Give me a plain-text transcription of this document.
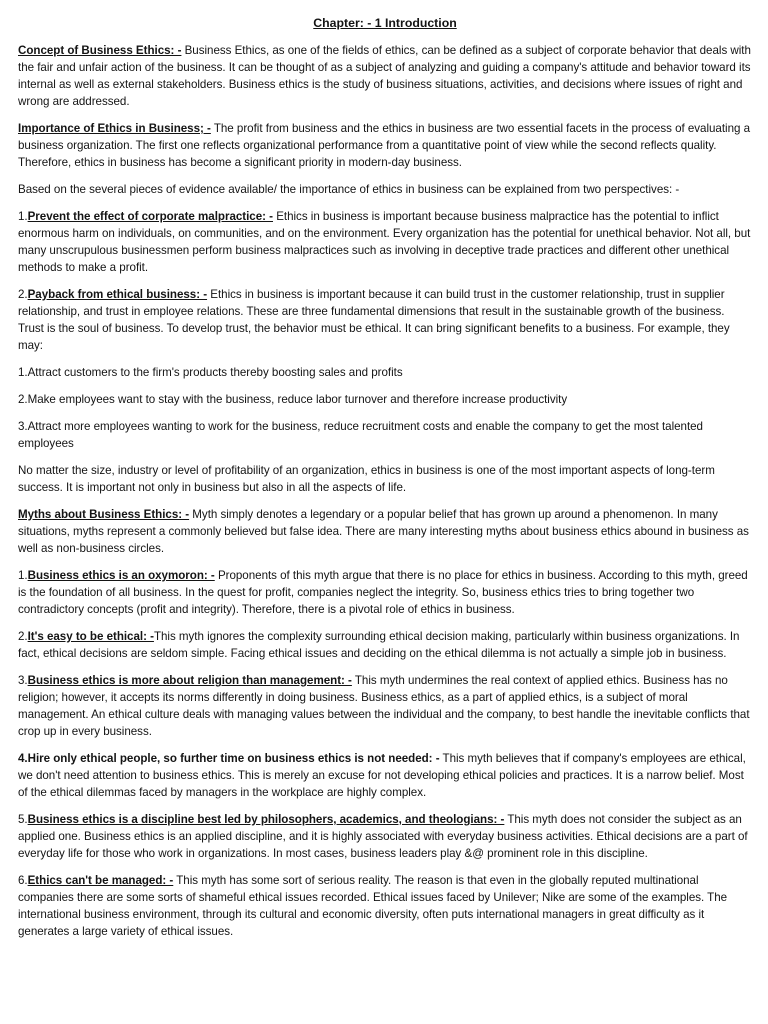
Chapter: - 1 Introduction

Concept of Business Ethics: - Business Ethics, as one of the fields of ethics, can be defined as a subject of corporate behavior that deals with the fair and unfair action of the business. It can be thought of as a subject of analyzing and guiding a company's attitude and behavior toward its internal as well as external stakeholders. Business ethics is the study of business situations, activities, and decisions where issues of right and wrong are addressed.

Importance of Ethics in Business; - The profit from business and the ethics in business are two essential facets in the process of evaluating a business organization. The first one reflects organizational performance from a quantitative point of view while the second reflects quality. Therefore, ethics in business has become a significant priority in modern-day business.

Based on the several pieces of evidence available/ the importance of ethics in business can be explained from two perspectives: -

1.Prevent the effect of corporate malpractice: - Ethics in business is important because business malpractice has the potential to inflict enormous harm on individuals, on communities, and on the environment. Every organization has the potential for unethical behavior. Not all, but many unscrupulous businessmen perform business malpractices such as involving in deceptive trade practices and different other unethical methods to make a profit.

2.Payback from ethical business: - Ethics in business is important because it can build trust in the customer relationship, trust in supplier relationship, and trust in employee relations. These are three fundamental dimensions that result in the sustainable growth of the business. Trust is the soul of business. To develop trust, the behavior must be ethical. It can bring significant benefits to a business. For example, they may:

1.Attract customers to the firm's products thereby boosting sales and profits

2.Make employees want to stay with the business, reduce labor turnover and therefore increase productivity

3.Attract more employees wanting to work for the business, reduce recruitment costs and enable the company to get the most talented employees

No matter the size, industry or level of profitability of an organization, ethics in business is one of the most important aspects of long-term success. It is important not only in business but also in all the aspects of life.

Myths about Business Ethics: - Myth simply denotes a legendary or a popular belief that has grown up around a phenomenon. In many situations, myths represent a commonly believed but false idea. There are many interesting myths about business ethics abound in business as well as non-business circles.

1.Business ethics is an oxymoron: - Proponents of this myth argue that there is no place for ethics in business. According to this myth, greed is the foundation of all business. In the quest for profit, companies neglect the integrity. So, business ethics tries to bring together two contradictory concepts (profit and integrity). Therefore, there is a pivotal role of ethics in business.

2.It's easy to be ethical: -This myth ignores the complexity surrounding ethical decision making, particularly within business organizations. In fact, ethical decisions are seldom simple. Facing ethical issues and deciding on the ethical dilemma is not actually a simple job in business.

3.Business ethics is more about religion than management: - This myth undermines the real context of applied ethics. Business has no religion; however, it accepts its norms differently in doing business. Business ethics, as a part of applied ethics, is a subject of moral management. An ethical culture deals with managing values between the individual and the company, to best handle the inevitable conflicts that crop up in every business.

4.Hire only ethical people, so further time on business ethics is not needed: - This myth believes that if company's employees are ethical, we don't need attention to business ethics. This is merely an excuse for not developing ethical policies and practices. It is a narrow belief. Most of the ethical dilemmas faced by managers in the workplace are highly complex.

5.Business ethics is a discipline best led by philosophers, academics, and theologians: - This myth does not consider the subject as an applied one. Business ethics is an applied discipline, and it is highly associated with everyday business activities. Ethical decisions are a part of everyday life for those who work in organizations. In most cases, business leaders play &@ prominent role in this discipline.

6.Ethics can't be managed: - This myth has some sort of serious reality. The reason is that even in the globally reputed multinational companies there are some sorts of shameful ethical issues recorded. Ethical issues faced by Unilever; Nike are some of the examples. The international business environment, through its cultural and economic diversity, often puts international managers in great difficulty as it generates a large variety of ethical issues.
